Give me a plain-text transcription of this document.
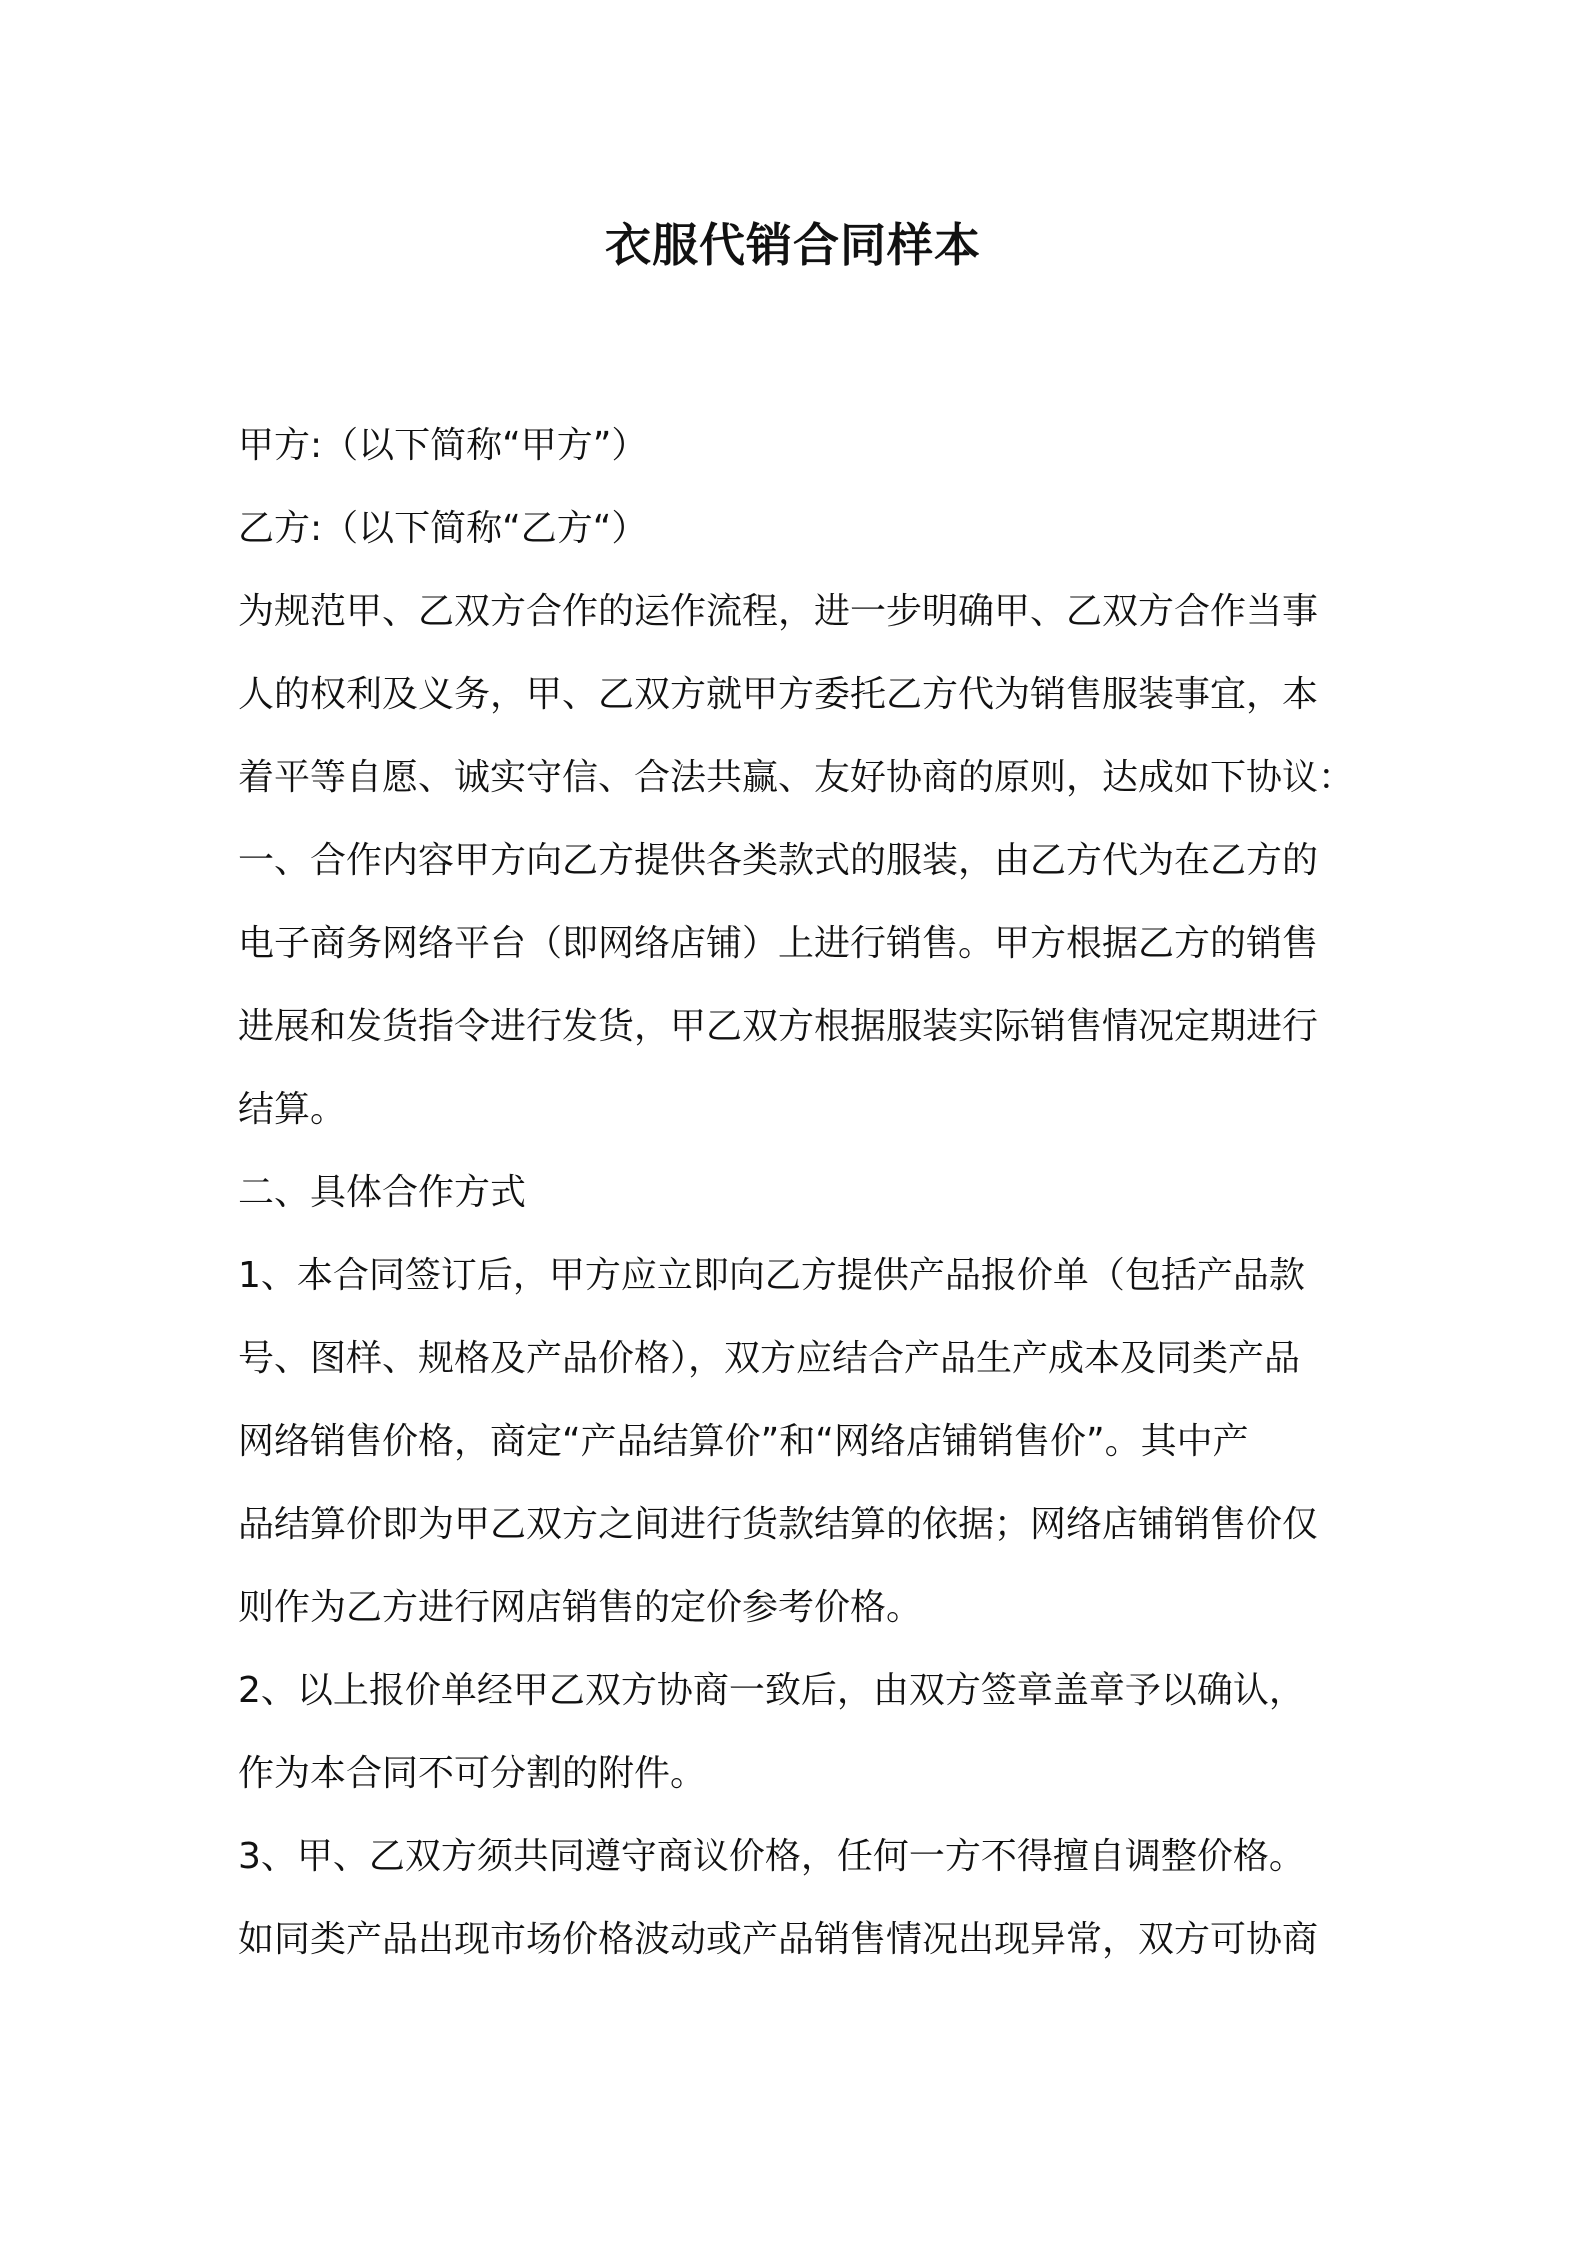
衣服代销合同样本
甲方:（以下简称“甲方”）
乙方:（以下简称“乙方“）
为规范甲、乙双方合作的运作流程，进一步明确甲、乙双方合作当事
人的权利及义务，甲、乙双方就甲方委托乙方代为销售服装事宜，本
着平等自愿、诚实守信、合法共赢、友好协商的原则，达成如下协议：
一、合作内容甲方向乙方提供各类款式的服装，由乙方代为在乙方的
电子商务网络平台（即网络店铺）上进行销售。甲方根据乙方的销售
进展和发货指令进行发货，甲乙双方根据服装实际销售情况定期进行
结算。
二、具体合作方式
1、本合同签订后，甲方应立即向乙方提供产品报价单（包括产品款
号、图样、规格及产品价格），双方应结合产品生产成本及同类产品
网络销售价格，商定“产品结算价”和“网络店铺销售价”。其中产
品结算价即为甲乙双方之间进行货款结算的依据；网络店铺销售价仅
则作为乙方进行网店销售的定价参考价格。
2、以上报价单经甲乙双方协商一致后，由双方签章盖章予以确认，
作为本合同不可分割的附件。
3、甲、乙双方须共同遵守商议价格，任何一方不得擅自调整价格。
如同类产品出现市场价格波动或产品销售情况出现异常，双方可协商
